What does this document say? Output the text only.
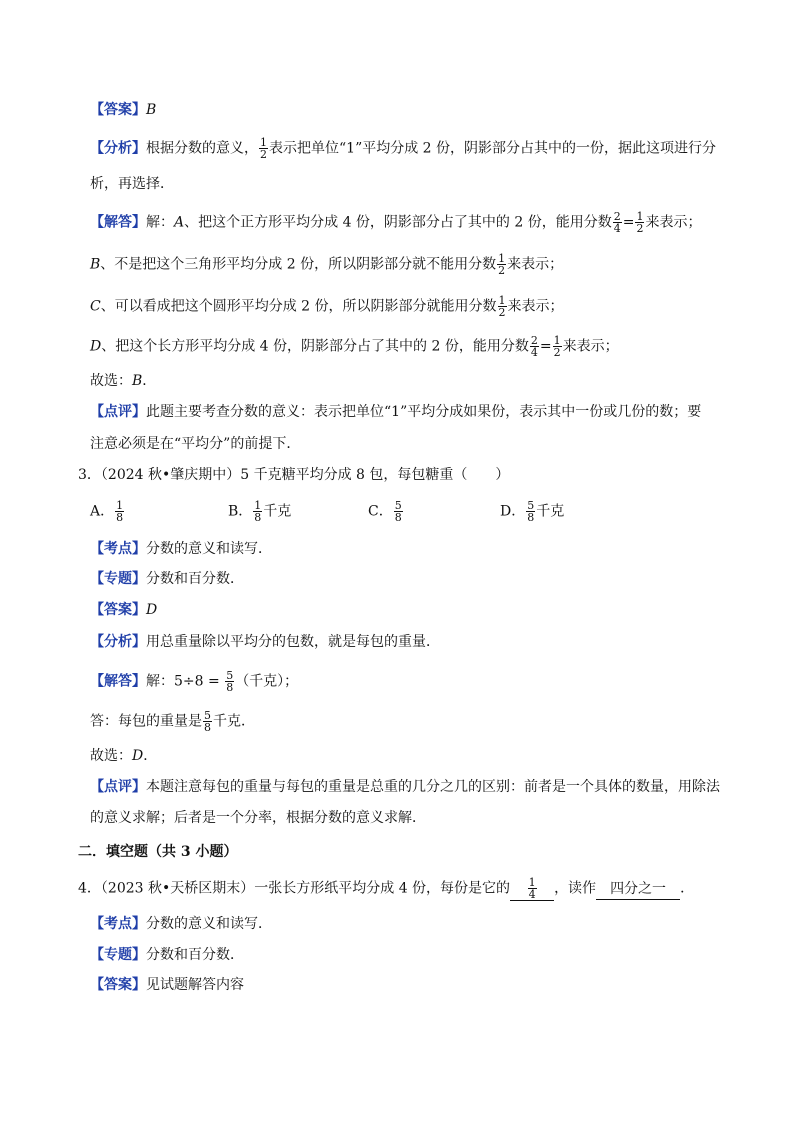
【答案】B
【分析】根据分数的意义， $\frac{1}{2}$ 表示把单位“1”平均分成 2 份，阴影部分占其中的一份，据此这项进行分
析，再选择．
【解答】解：A、把这个正方形平均分成 4 份，阴影部分占了其中的 2 份，能用分数 $\frac{2}{4} = \frac{1}{2}$ 来表示；
B、不是把这个三角形平均分成 2 份，所以阴影部分就不能用分数 $\frac{1}{2}$ 来表示；
C、可以看成把这个圆形平均分成 2 份，所以阴影部分就能用分数 $\frac{1}{2}$ 来表示；
D、把这个长方形平均分成 4 份，阴影部分占了其中的 2 份，能用分数 $\frac{2}{4} = \frac{1}{2}$ 来表示；
故选：B．
【点评】此题主要考查分数的意义：表示把单位“1”平均分成如果份，表示其中一份或几份的数；要
注意必须是在“平均分”的前提下．
3．（2024 秋•肇庆期中）5 千克糖平均分成 8 包，每包糖重（　　）
A． $\frac{1}{8}$	B． $\frac{1}{8}$ 千克	C． $\frac{5}{8}$	D． $\frac{5}{8}$ 千克
【考点】分数的意义和读写．
【专题】分数和百分数．
【答案】D
【分析】用总重量除以平均分的包数，就是每包的重量．
【解答】解：$5\div 8 = \frac{5}{8}$ （千克）；
答：每包的重量是 $\frac{5}{8}$ 千克．
故选：D．
【点评】本题注意每包的重量与每包的重量是总重的几分之几的区别：前者是一个具体的数量，用除法
的意义求解；后者是一个分率，根据分数的意义求解．
二．填空题（共 3 小题）
4．（2023 秋•天桥区期末）一张长方形纸平均分成 4 份，每份是它的 $\frac{1}{4}$ ，读作 四分之一 ．
【考点】分数的意义和读写．
【专题】分数和百分数．
【答案】见试题解答内容
